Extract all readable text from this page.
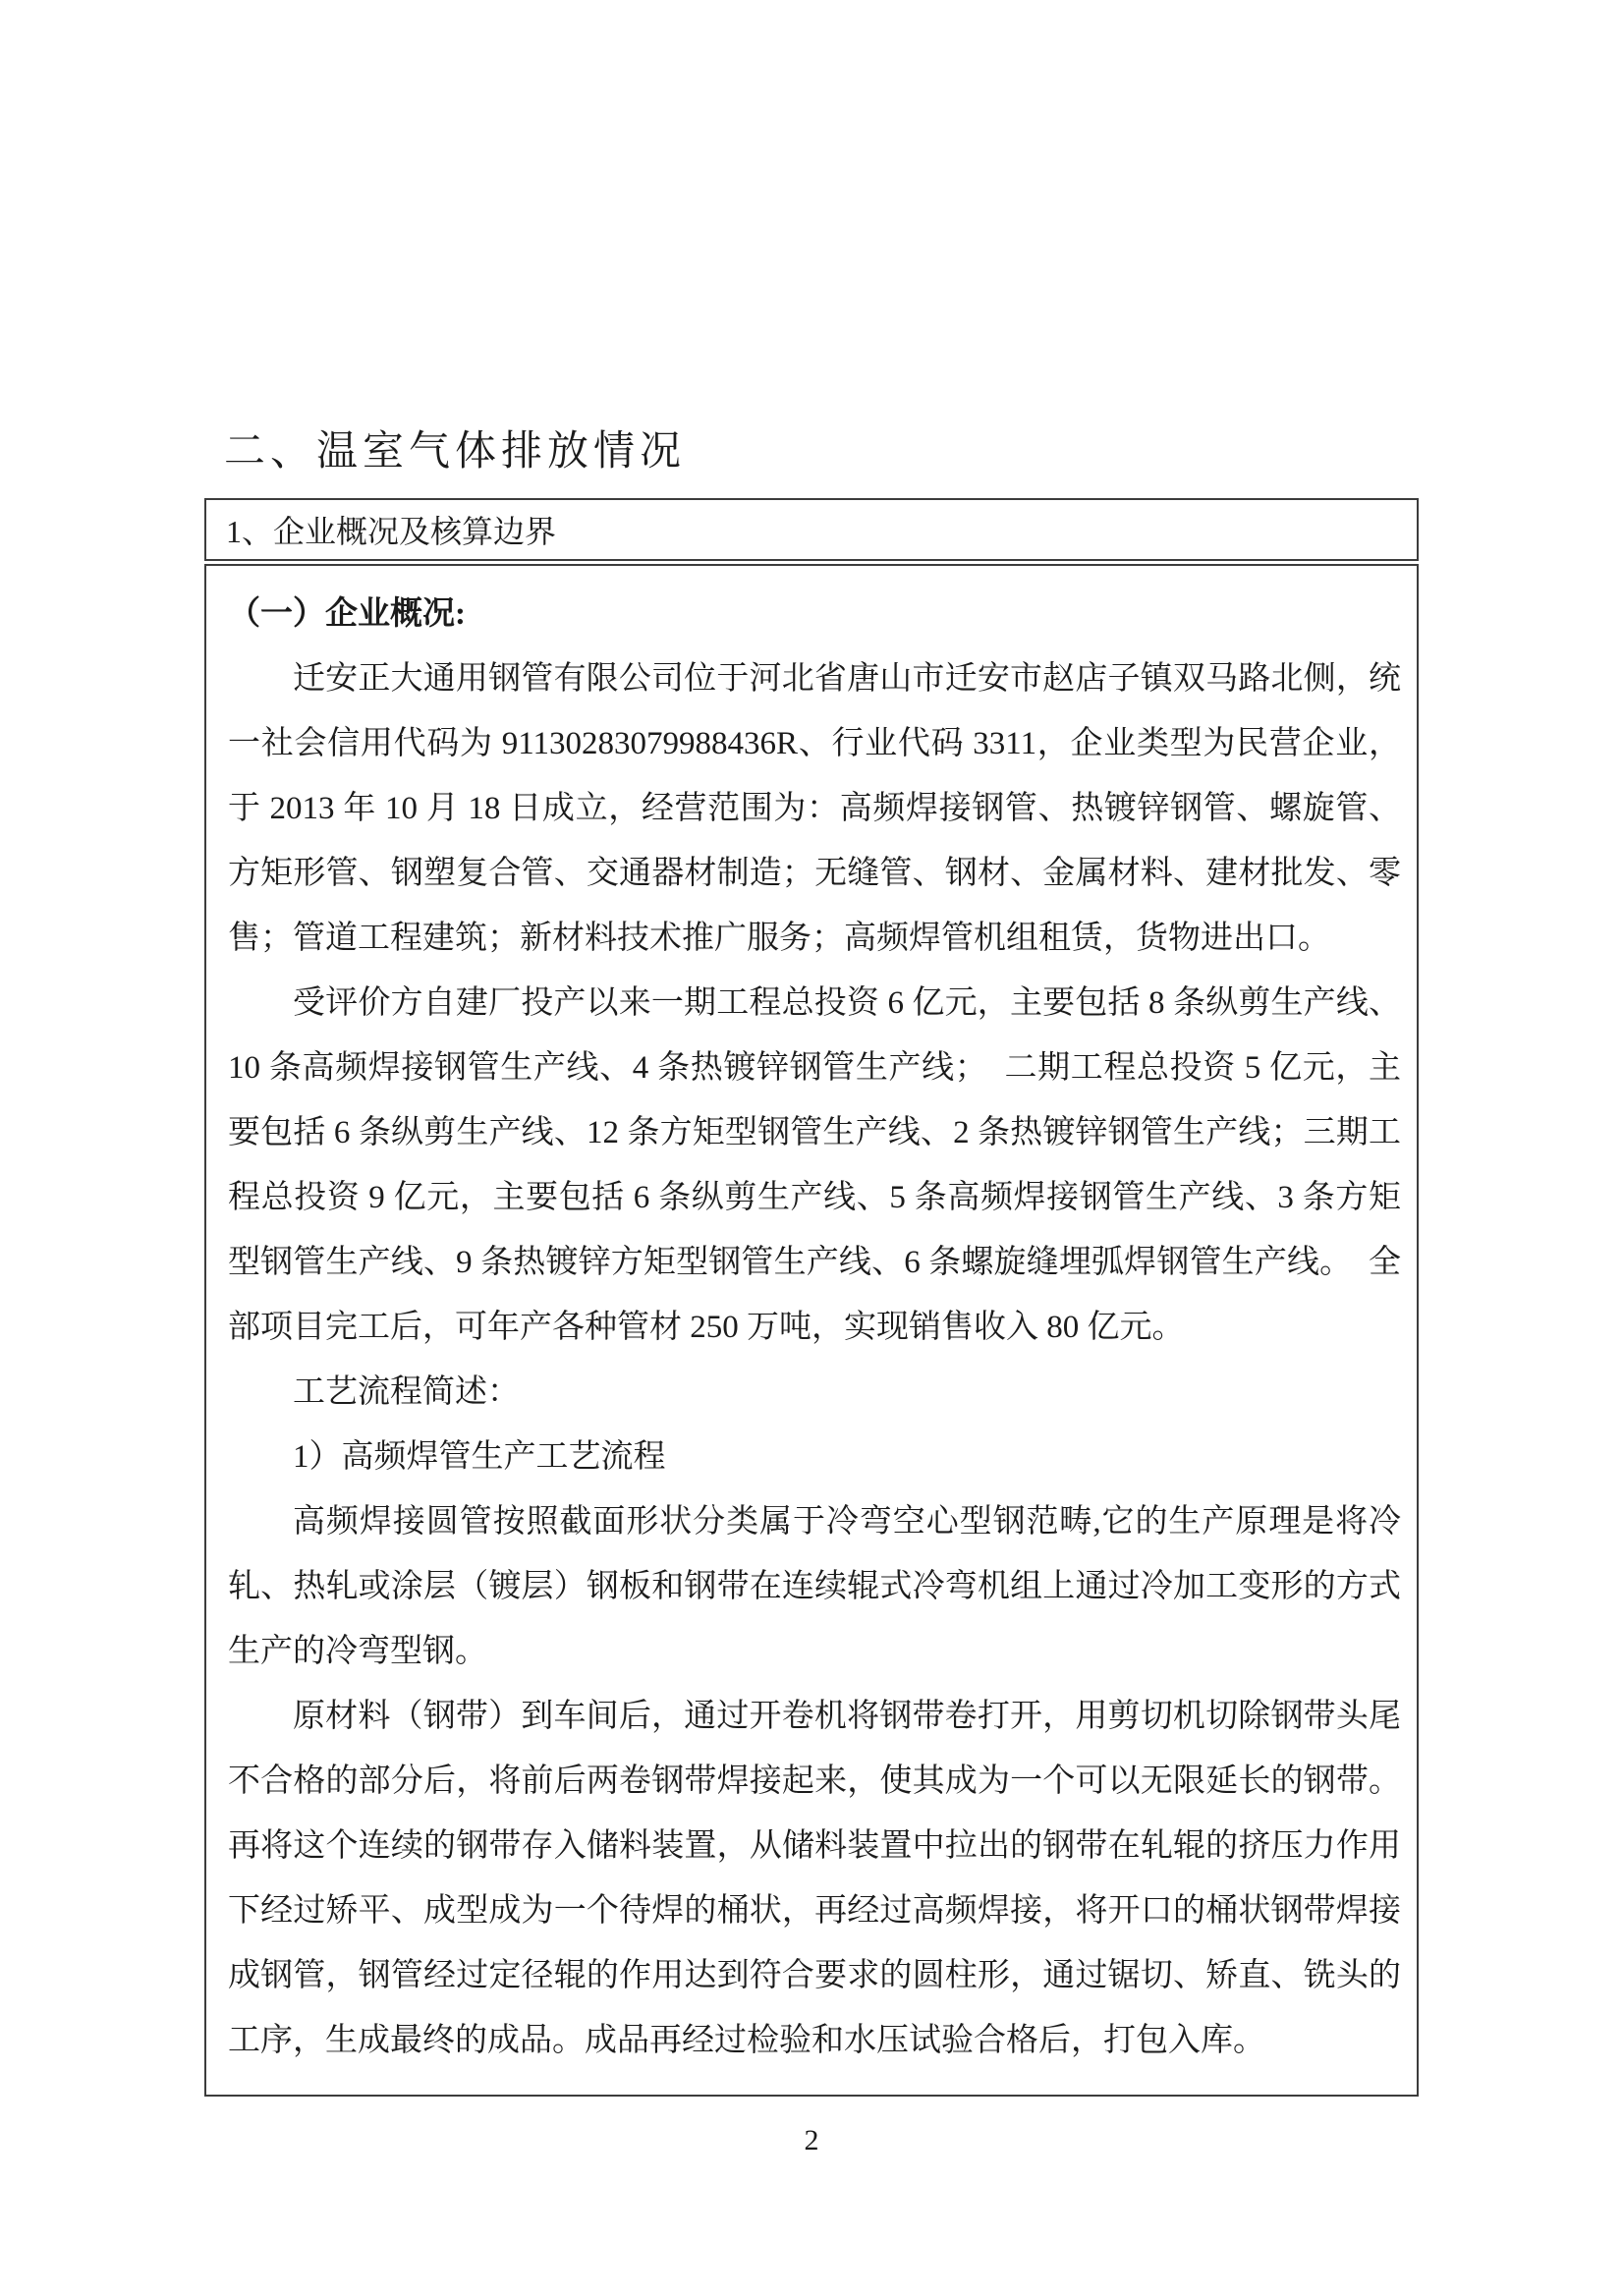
二、温室气体排放情况
1、企业概况及核算边界
（一）企业概况:
迁安正大通用钢管有限公司位于河北省唐山市迁安市赵店子镇双马路北侧，统一社会信用代码为 91130283079988436R、行业代码 3311，企业类型为民营企业，于 2013 年 10 月 18 日成立，经营范围为：高频焊接钢管、热镀锌钢管、螺旋管、方矩形管、钢塑复合管、交通器材制造；无缝管、钢材、金属材料、建材批发、零售；管道工程建筑；新材料技术推广服务；高频焊管机组租赁，货物进出口。
受评价方自建厂投产以来一期工程总投资 6 亿元，主要包括 8 条纵剪生产线、10 条高频焊接钢管生产线、4 条热镀锌钢管生产线；　二期工程总投资 5 亿元，主要包括 6 条纵剪生产线、12 条方矩型钢管生产线、2 条热镀锌钢管生产线；三期工程总投资 9 亿元，主要包括 6 条纵剪生产线、5 条高频焊接钢管生产线、3 条方矩型钢管生产线、9 条热镀锌方矩型钢管生产线、6 条螺旋缝埋弧焊钢管生产线。　全部项目完工后，可年产各种管材 250 万吨，实现销售收入 80 亿元。
工艺流程简述：
1）高频焊管生产工艺流程
高频焊接圆管按照截面形状分类属于冷弯空心型钢范畴,它的生产原理是将冷轧、热轧或涂层（镀层）钢板和钢带在连续辊式冷弯机组上通过冷加工变形的方式生产的冷弯型钢。
原材料（钢带）到车间后，通过开卷机将钢带卷打开，用剪切机切除钢带头尾不合格的部分后，将前后两卷钢带焊接起来，使其成为一个可以无限延长的钢带。再将这个连续的钢带存入储料装置，从储料装置中拉出的钢带在轧辊的挤压力作用下经过矫平、成型成为一个待焊的桶状，再经过高频焊接，将开口的桶状钢带焊接成钢管，钢管经过定径辊的作用达到符合要求的圆柱形，通过锯切、矫直、铣头的工序，生成最终的成品。成品再经过检验和水压试验合格后，打包入库。
2
